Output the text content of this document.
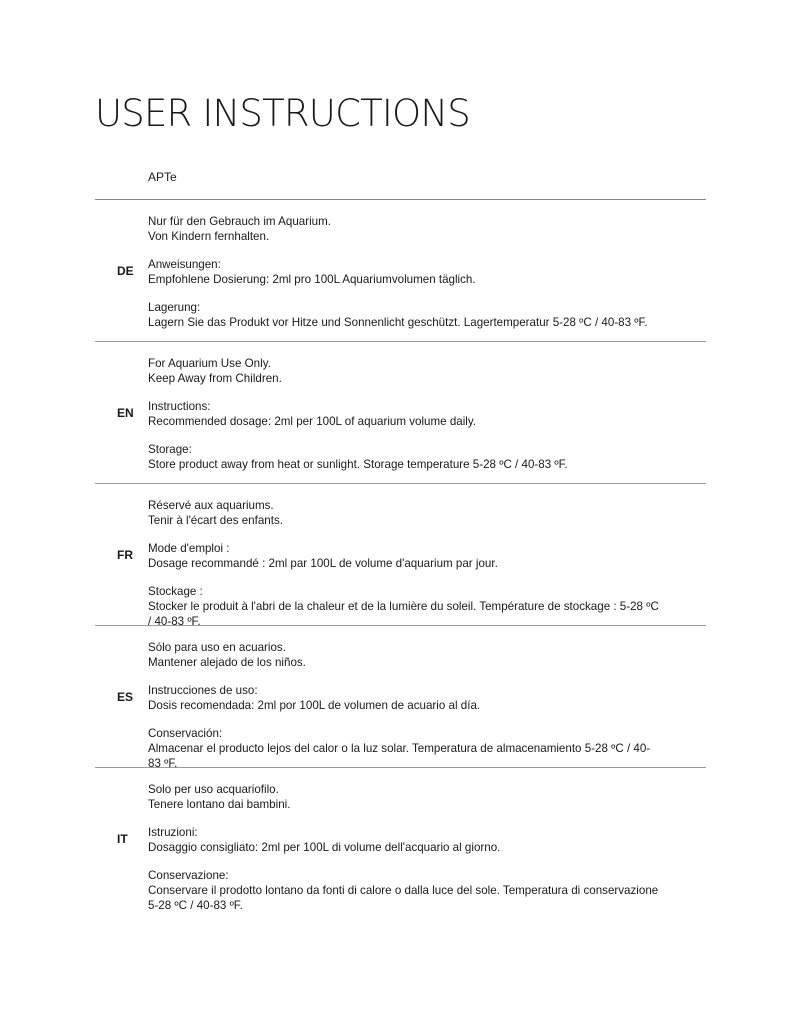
USER INSTRUCTIONS
APTe
DE
Nur für den Gebrauch im Aquarium.
Von Kindern fernhalten.
Anweisungen:
Empfohlene Dosierung: 2ml pro 100L Aquariumvolumen täglich.
Lagerung:
Lagern Sie das Produkt vor Hitze und Sonnenlicht geschützt. Lagertemperatur 5-28 ºC / 40-83 ºF.
EN
For Aquarium Use Only.
Keep Away from Children.
Instructions:
Recommended dosage: 2ml per 100L of aquarium volume daily.
Storage:
Store product away from heat or sunlight. Storage temperature 5-28 ºC / 40-83 ºF.
FR
Réservé aux aquariums.
Tenir à l'écart des enfants.
Mode d'emploi :
Dosage recommandé : 2ml par 100L de volume d'aquarium par jour.
Stockage :
Stocker le produit à l'abri de la chaleur et de la lumière du soleil. Température de stockage : 5-28 ºC
/ 40-83 ºF.
ES
Sólo para uso en acuarios.
Mantener alejado de los niños.
Instrucciones de uso:
Dosis recomendada: 2ml por 100L de volumen de acuario al día.
Conservación:
Almacenar el producto lejos del calor o la luz solar. Temperatura de almacenamiento 5-28 ºC / 40-
83 ºF.
IT
Solo per uso acquariofilo.
Tenere lontano dai bambini.
Istruzioni:
Dosaggio consigliato: 2ml per 100L di volume dell'acquario al giorno.
Conservazione:
Conservare il prodotto lontano da fonti di calore o dalla luce del sole. Temperatura di conservazione
5-28 ºC / 40-83 ºF.
